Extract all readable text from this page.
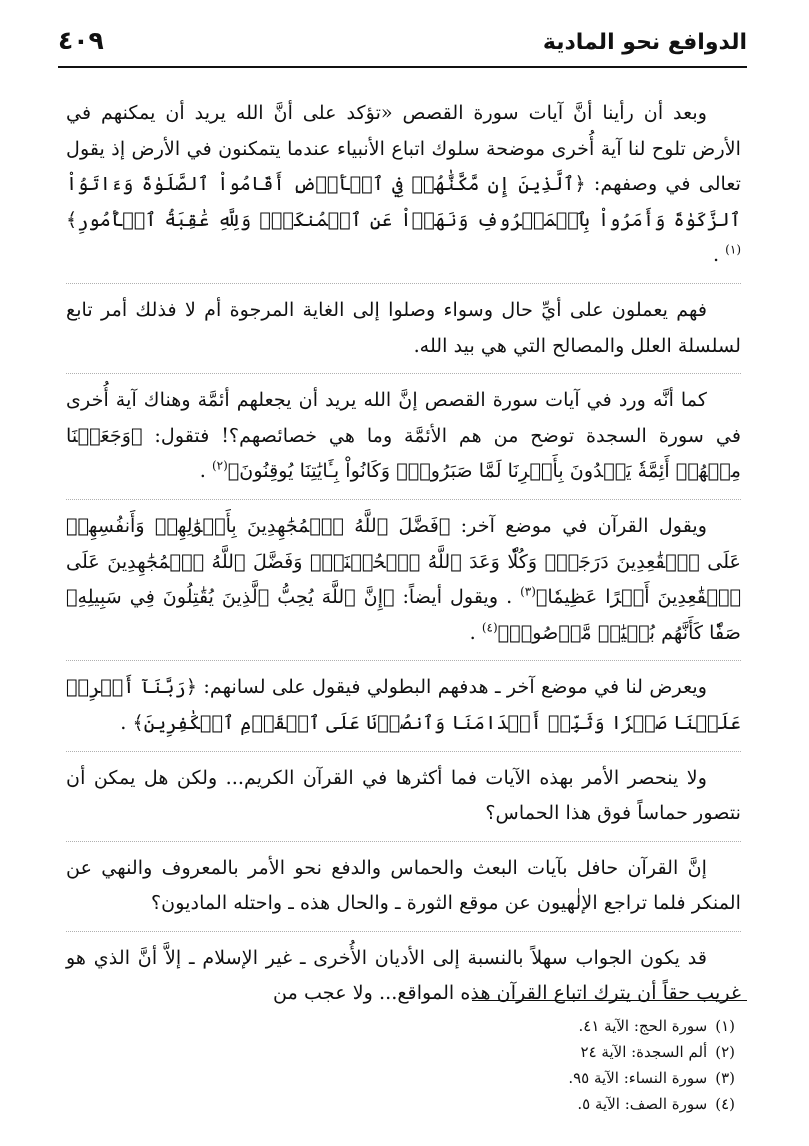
الدوافع نحو المادية
٤٠٩

وبعد أن رأينا أنَّ آيات سورة القصص «تؤكد على أنَّ الله يريد أن يمكنهم في الأرض تلوح لنا آية أُخرى موضحة سلوك اتباع الأنبياء عندما يتمكنون في الأرض إذ يقول تعالى في وصفهم: ﴿ٱلَّذِينَ إِن مَّكَّنَّٰهُمۡ فِي ٱلۡأَرۡضِ أَقَامُواْ ٱلصَّلَوٰةَ وَءَاتَوُاْ ٱلزَّكَوٰةَ وَأَمَرُواْ بِٱلۡمَعۡرُوفِ وَنَهَوۡاْ عَنِ ٱلۡمُنكَرِۗ وَلِلَّهِ عَٰقِبَةُ ٱلۡأُمُورِ﴾$^{(١)}$ .

فهم يعملون على أيِّ حال وسواء وصلوا إلى الغاية المرجوة أم لا فذلك أمر تابع لسلسلة العلل والمصالح التي هي بيد الله.

كما أنَّه ورد في آيات سورة القصص إنَّ الله يريد أن يجعلهم أئمَّة وهناك آية أُخرى في سورة السجدة توضح من هم الأئمَّة وما هي خصائصهم؟! فتقول: ﴿وَجَعَلۡنَا مِنۡهُمۡ أَئِمَّةٗ يَهۡدُونَ بِأَمۡرِنَا لَمَّا صَبَرُواْۖ وَكَانُواْ بِـَٔايَٰتِنَا يُوقِنُونَ﴾$^{(٢)}$ .

ويقول القرآن في موضع آخر: ﴿فَضَّلَ ٱللَّهُ ٱلۡمُجَٰهِدِينَ بِأَمۡوَٰلِهِمۡ وَأَنفُسِهِمۡ عَلَى ٱلۡقَٰعِدِينَ دَرَجَةٗۚ وَكُلّٗا وَعَدَ ٱللَّهُ ٱلۡحُسۡنَىٰۚ وَفَضَّلَ ٱللَّهُ ٱلۡمُجَٰهِدِينَ عَلَى ٱلۡقَٰعِدِينَ أَجۡرًا عَظِيمٗا﴾$^{(٣)}$ . ويقول أيضاً: ﴿إِنَّ ٱللَّهَ يُحِبُّ ٱلَّذِينَ يُقَٰتِلُونَ فِي سَبِيلِهِۦ صَفّٗا كَأَنَّهُم بُنۡيَٰنٞ مَّرۡصُوصٞ﴾$^{(٤)}$ .

ويعرض لنا في موضع آخر ـ هدفهم البطولي فيقول على لسانهم: ﴿رَبَّنَآ أَفۡرِغۡ عَلَيۡنَا صَبۡرٗا وَثَبِّتۡ أَقۡدَامَنَا وَٱنصُرۡنَا عَلَى ٱلۡقَوۡمِ ٱلۡكَٰفِرِينَ﴾ .

ولا ينحصر الأمر بهذه الآيات فما أكثرها في القرآن الكريم... ولكن هل يمكن أن نتصور حماساً فوق هذا الحماس؟

إنَّ القرآن حافل بآيات البعث والحماس والدفع نحو الأمر بالمعروف والنهي عن المنكر فلما تراجع الإلٰهيون عن موقع الثورة ـ والحال هذه ـ واحتله الماديون؟

قد يكون الجواب سهلاً بالنسبة إلى الأديان الأُخرى ـ غير الإسلام ـ إلاَّ أنَّ الذي هو غريب حقاً أن يترك اتباع القرآن هذه المواقع... ولا عجب من

(١)سورة الحج: الآية ٤١.
(٢)ألم السجدة: الآية ٢٤
(٣)سورة النساء: الآية ٩٥.
(٤)سورة الصف: الآية ٥.
